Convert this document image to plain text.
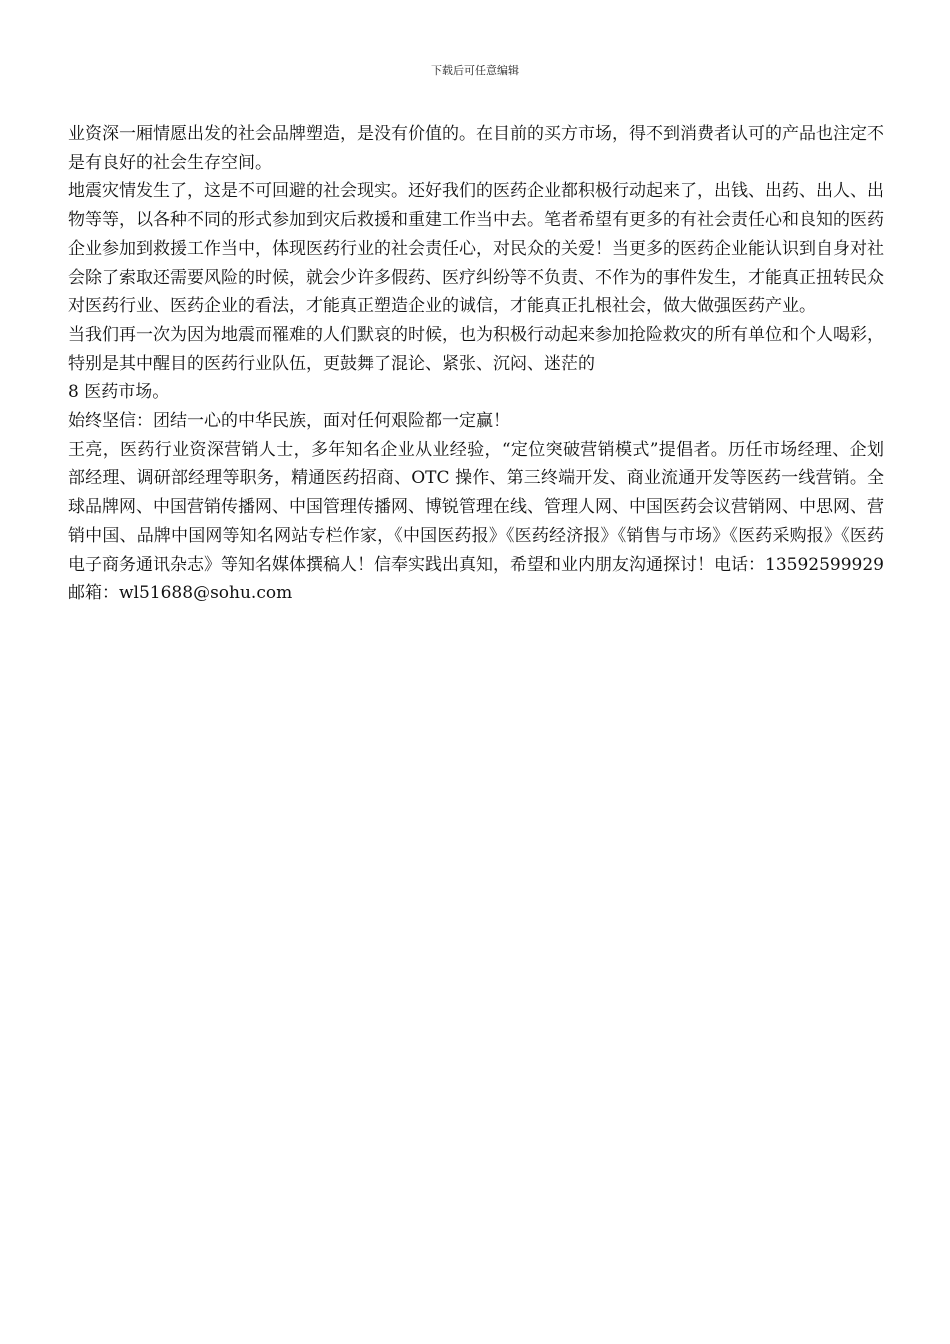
下载后可任意编辑

业资深一厢情愿出发的社会品牌塑造，是没有价值的。在目前的买方市场，得不到消费者认可的产品也注定不是有良好的社会生存空间。

地震灾情发生了，这是不可回避的社会现实。还好我们的医药企业都积极行动起来了，出钱、出药、出人、出物等等，以各种不同的形式参加到灾后救援和重建工作当中去。笔者希望有更多的有社会责任心和良知的医药企业参加到救援工作当中，体现医药行业的社会责任心，对民众的关爱！当更多的医药企业能认识到自身对社会除了索取还需要风险的时候，就会少许多假药、医疗纠纷等不负责、不作为的事件发生，才能真正扭转民众对医药行业、医药企业的看法，才能真正塑造企业的诚信，才能真正扎根社会，做大做强医药产业。

当我们再一次为因为地震而罹难的人们默哀的时候，也为积极行动起来参加抢险救灾的所有单位和个人喝彩，特别是其中醒目的医药行业队伍，更鼓舞了混论、紧张、沉闷、迷茫的

8 医药市场。

始终坚信：团结一心的中华民族，面对任何艰险都一定赢！

王亮，医药行业资深营销人士，多年知名企业从业经验，“定位突破营销模式”提倡者。历任市场经理、企划部经理、调研部经理等职务，精通医药招商、OTC 操作、第三终端开发、商业流通开发等医药一线营销。全球品牌网、中国营销传播网、中国管理传播网、博锐管理在线、管理人网、中国医药会议营销网、中思网、营销中国、品牌中国网等知名网站专栏作家，《中国医药报》《医药经济报》《销售与市场》《医药采购报》《医药电子商务通讯杂志》等知名媒体撰稿人！信奉实践出真知，希望和业内朋友沟通探讨！电话：13592599929 邮箱：wl51688@sohu.com
